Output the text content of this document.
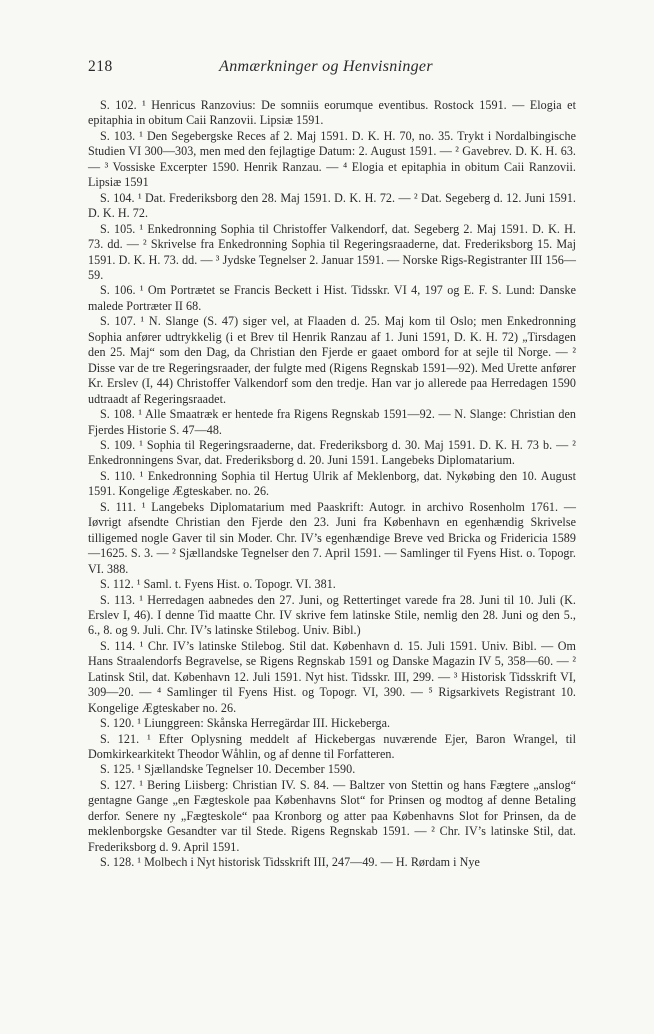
218	Anmærkninger og Henvisninger

S. 102. ¹ Henricus Ranzovius: De somniis eorumque eventibus. Rostock 1591. — Elogia et epitaphia in obitum Caii Ranzovii. Lipsiæ 1591.

S. 103. ¹ Den Segebergske Reces af 2. Maj 1591. D. K. H. 70, no. 35. Trykt i Nordalbingische Studien VI 300—303, men med den fejlagtige Datum: 2. August 1591. — ² Gavebrev. D. K. H. 63. — ³ Vossiske Excerpter 1590. Henrik Ranzau. — ⁴ Elogia et epitaphia in obitum Caii Ranzovii. Lipsiæ 1591

S. 104. ¹ Dat. Frederiksborg den 28. Maj 1591. D. K. H. 72. — ² Dat. Segeberg d. 12. Juni 1591. D. K. H. 72.

S. 105. ¹ Enkedronning Sophia til Christoffer Valkendorf, dat. Segeberg 2. Maj 1591. D. K. H. 73. dd. — ² Skrivelse fra Enkedronning Sophia til Regeringsraaderne, dat. Frederiksborg 15. Maj 1591. D. K. H. 73. dd. — ³ Jydske Tegnelser 2. Januar 1591. — Norske Rigs-Registranter III 156—59.

S. 106. ¹ Om Portrætet se Francis Beckett i Hist. Tidsskr. VI 4, 197 og E. F. S. Lund: Danske malede Portræter II 68.

S. 107. ¹ N. Slange (S. 47) siger vel, at Flaaden d. 25. Maj kom til Oslo; men Enkedronning Sophia anfører udtrykkelig (i et Brev til Henrik Ranzau af 1. Juni 1591, D. K. H. 72) „Tirsdagen den 25. Maj“ som den Dag, da Christian den Fjerde er gaaet ombord for at sejle til Norge. — ² Disse var de tre Regeringsraader, der fulgte med (Rigens Regnskab 1591—92). Med Urette anfører Kr. Erslev (I, 44) Christoffer Valkendorf som den tredje. Han var jo allerede paa Herredagen 1590 udtraadt af Regeringsraadet.

S. 108. ¹ Alle Smaatræk er hentede fra Rigens Regnskab 1591—92. — N. Slange: Christian den Fjerdes Historie S. 47—48.

S. 109. ¹ Sophia til Regeringsraaderne, dat. Frederiksborg d. 30. Maj 1591. D. K. H. 73 b. — ² Enkedronningens Svar, dat. Frederiksborg d. 20. Juni 1591. Langebeks Diplomatarium.

S. 110. ¹ Enkedronning Sophia til Hertug Ulrik af Meklenborg, dat. Nykøbing den 10. August 1591. Kongelige Ægteskaber. no. 26.

S. 111. ¹ Langebeks Diplomatarium med Paaskrift: Autogr. in archivo Rosenholm 1761. — Iøvrigt afsendte Christian den Fjerde den 23. Juni fra København en egenhændig Skrivelse tilligemed nogle Gaver til sin Moder. Chr. IV’s egenhændige Breve ved Bricka og Fridericia 1589—1625. S. 3. — ² Sjællandske Tegnelser den 7. April 1591. — Samlinger til Fyens Hist. o. Topogr. VI. 388.

S. 112. ¹ Saml. t. Fyens Hist. o. Topogr. VI. 381.

S. 113. ¹ Herredagen aabnedes den 27. Juni, og Rettertinget varede fra 28. Juni til 10. Juli (K. Erslev I, 46). I denne Tid maatte Chr. IV skrive fem latinske Stile, nemlig den 28. Juni og den 5., 6., 8. og 9. Juli. Chr. IV’s latinske Stilebog. Univ. Bibl.)

S. 114. ¹ Chr. IV’s latinske Stilebog. Stil dat. København d. 15. Juli 1591. Univ. Bibl. — Om Hans Straalendorfs Begravelse, se Rigens Regnskab 1591 og Danske Magazin IV 5, 358—60. — ² Latinsk Stil, dat. København 12. Juli 1591. Nyt hist. Tidsskr. III, 299. — ³ Historisk Tidsskrift VI, 309—20. — ⁴ Samlinger til Fyens Hist. og Topogr. VI, 390. — ⁵ Rigsarkivets Registrant 10. Kongelige Ægteskaber no. 26.

S. 120. ¹ Liunggreen: Skånska Herregärdar III. Hickeberga.

S. 121. ¹ Efter Oplysning meddelt af Hickebergas nuværende Ejer, Baron Wrangel, til Domkirkearkitekt Theodor Wåhlin, og af denne til Forfatteren.

S. 125. ¹ Sjællandske Tegnelser 10. December 1590.

S. 127. ¹ Bering Liisberg: Christian IV. S. 84. — Baltzer von Stettin og hans Fægtere „anslog“ gentagne Gange „en Fægteskole paa Københavns Slot“ for Prinsen og modtog af denne Betaling derfor. Senere ny „Fægteskole“ paa Kronborg og atter paa Københavns Slot for Prinsen, da de meklenborgske Gesandter var til Stede. Rigens Regnskab 1591. — ² Chr. IV’s latinske Stil, dat. Frederiksborg d. 9. April 1591.

S. 128. ¹ Molbech i Nyt historisk Tidsskrift III, 247—49. — H. Rørdam i Nye
